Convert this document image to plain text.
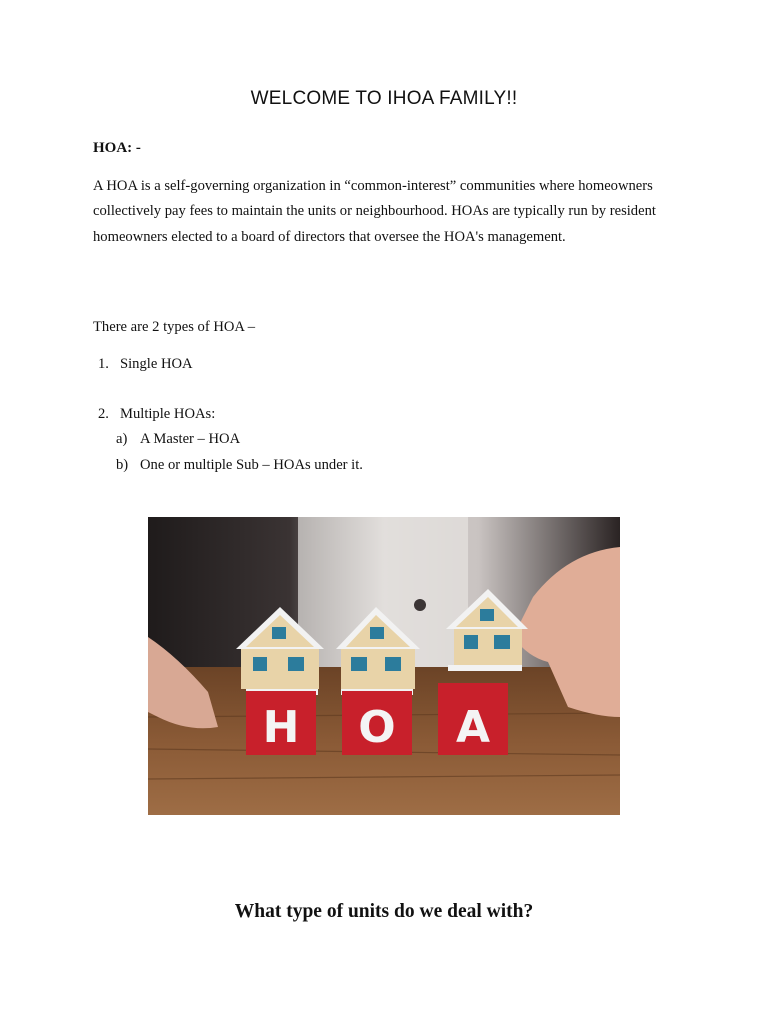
WELCOME TO IHOA FAMILY!!
HOA: -
A HOA is a self-governing organization in “common-interest” communities where homeowners collectively pay fees to maintain the units or neighbourhood. HOAs are typically run by resident homeowners elected to a board of directors that oversee the HOA's management.
There are 2 types of HOA –
1. Single HOA
2. Multiple HOAs:
a) A Master – HOA
b) One or multiple Sub – HOAs under it.
H O A
What type of units do we deal with?
